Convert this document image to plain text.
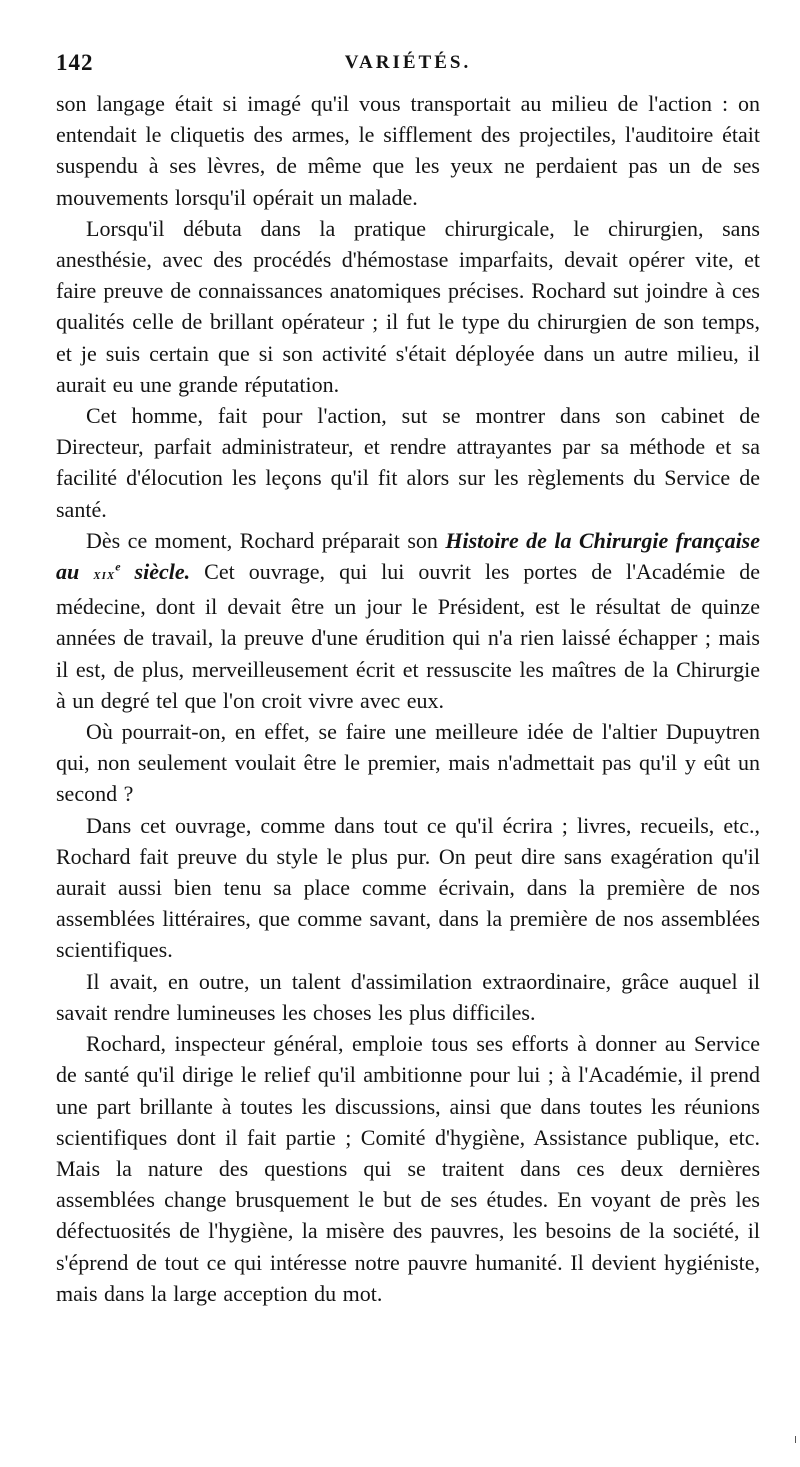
142	VARIÉTÉS.

son langage était si imagé qu'il vous transportait au milieu de l'action : on entendait le cliquetis des armes, le sifflement des projectiles, l'auditoire était suspendu à ses lèvres, de même que les yeux ne perdaient pas un de ses mouvements lorsqu'il opérait un malade.

Lorsqu'il débuta dans la pratique chirurgicale, le chirurgien, sans anesthésie, avec des procédés d'hémostase imparfaits, devait opérer vite, et faire preuve de connaissances anatomiques précises. Rochard sut joindre à ces qualités celle de brillant opérateur ; il fut le type du chirurgien de son temps, et je suis certain que si son activité s'était déployée dans un autre milieu, il aurait eu une grande réputation.

Cet homme, fait pour l'action, sut se montrer dans son cabinet de Directeur, parfait administrateur, et rendre attrayantes par sa méthode et sa facilité d'élocution les leçons qu'il fit alors sur les règlements du Service de santé.

Dès ce moment, Rochard préparait son Histoire de la Chirurgie française au xix$^e$ siècle. Cet ouvrage, qui lui ouvrit les portes de l'Académie de médecine, dont il devait être un jour le Président, est le résultat de quinze années de travail, la preuve d'une érudition qui n'a rien laissé échapper ; mais il est, de plus, merveilleusement écrit et ressuscite les maîtres de la Chirurgie à un degré tel que l'on croit vivre avec eux.

Où pourrait-on, en effet, se faire une meilleure idée de l'altier Dupuytren qui, non seulement voulait être le premier, mais n'admettait pas qu'il y eût un second ?

Dans cet ouvrage, comme dans tout ce qu'il écrira ; livres, recueils, etc., Rochard fait preuve du style le plus pur. On peut dire sans exagération qu'il aurait aussi bien tenu sa place comme écrivain, dans la première de nos assemblées littéraires, que comme savant, dans la première de nos assemblées scientifiques.

Il avait, en outre, un talent d'assimilation extraordinaire, grâce auquel il savait rendre lumineuses les choses les plus difficiles.

Rochard, inspecteur général, emploie tous ses efforts à donner au Service de santé qu'il dirige le relief qu'il ambitionne pour lui ; à l'Académie, il prend une part brillante à toutes les discussions, ainsi que dans toutes les réunions scientifiques dont il fait partie ; Comité d'hygiène, Assistance publique, etc. Mais la nature des questions qui se traitent dans ces deux dernières assemblées change brusquement le but de ses études. En voyant de près les défectuosités de l'hygiène, la misère des pauvres, les besoins de la société, il s'éprend de tout ce qui intéresse notre pauvre humanité. Il devient hygiéniste, mais dans la large acception du mot.
